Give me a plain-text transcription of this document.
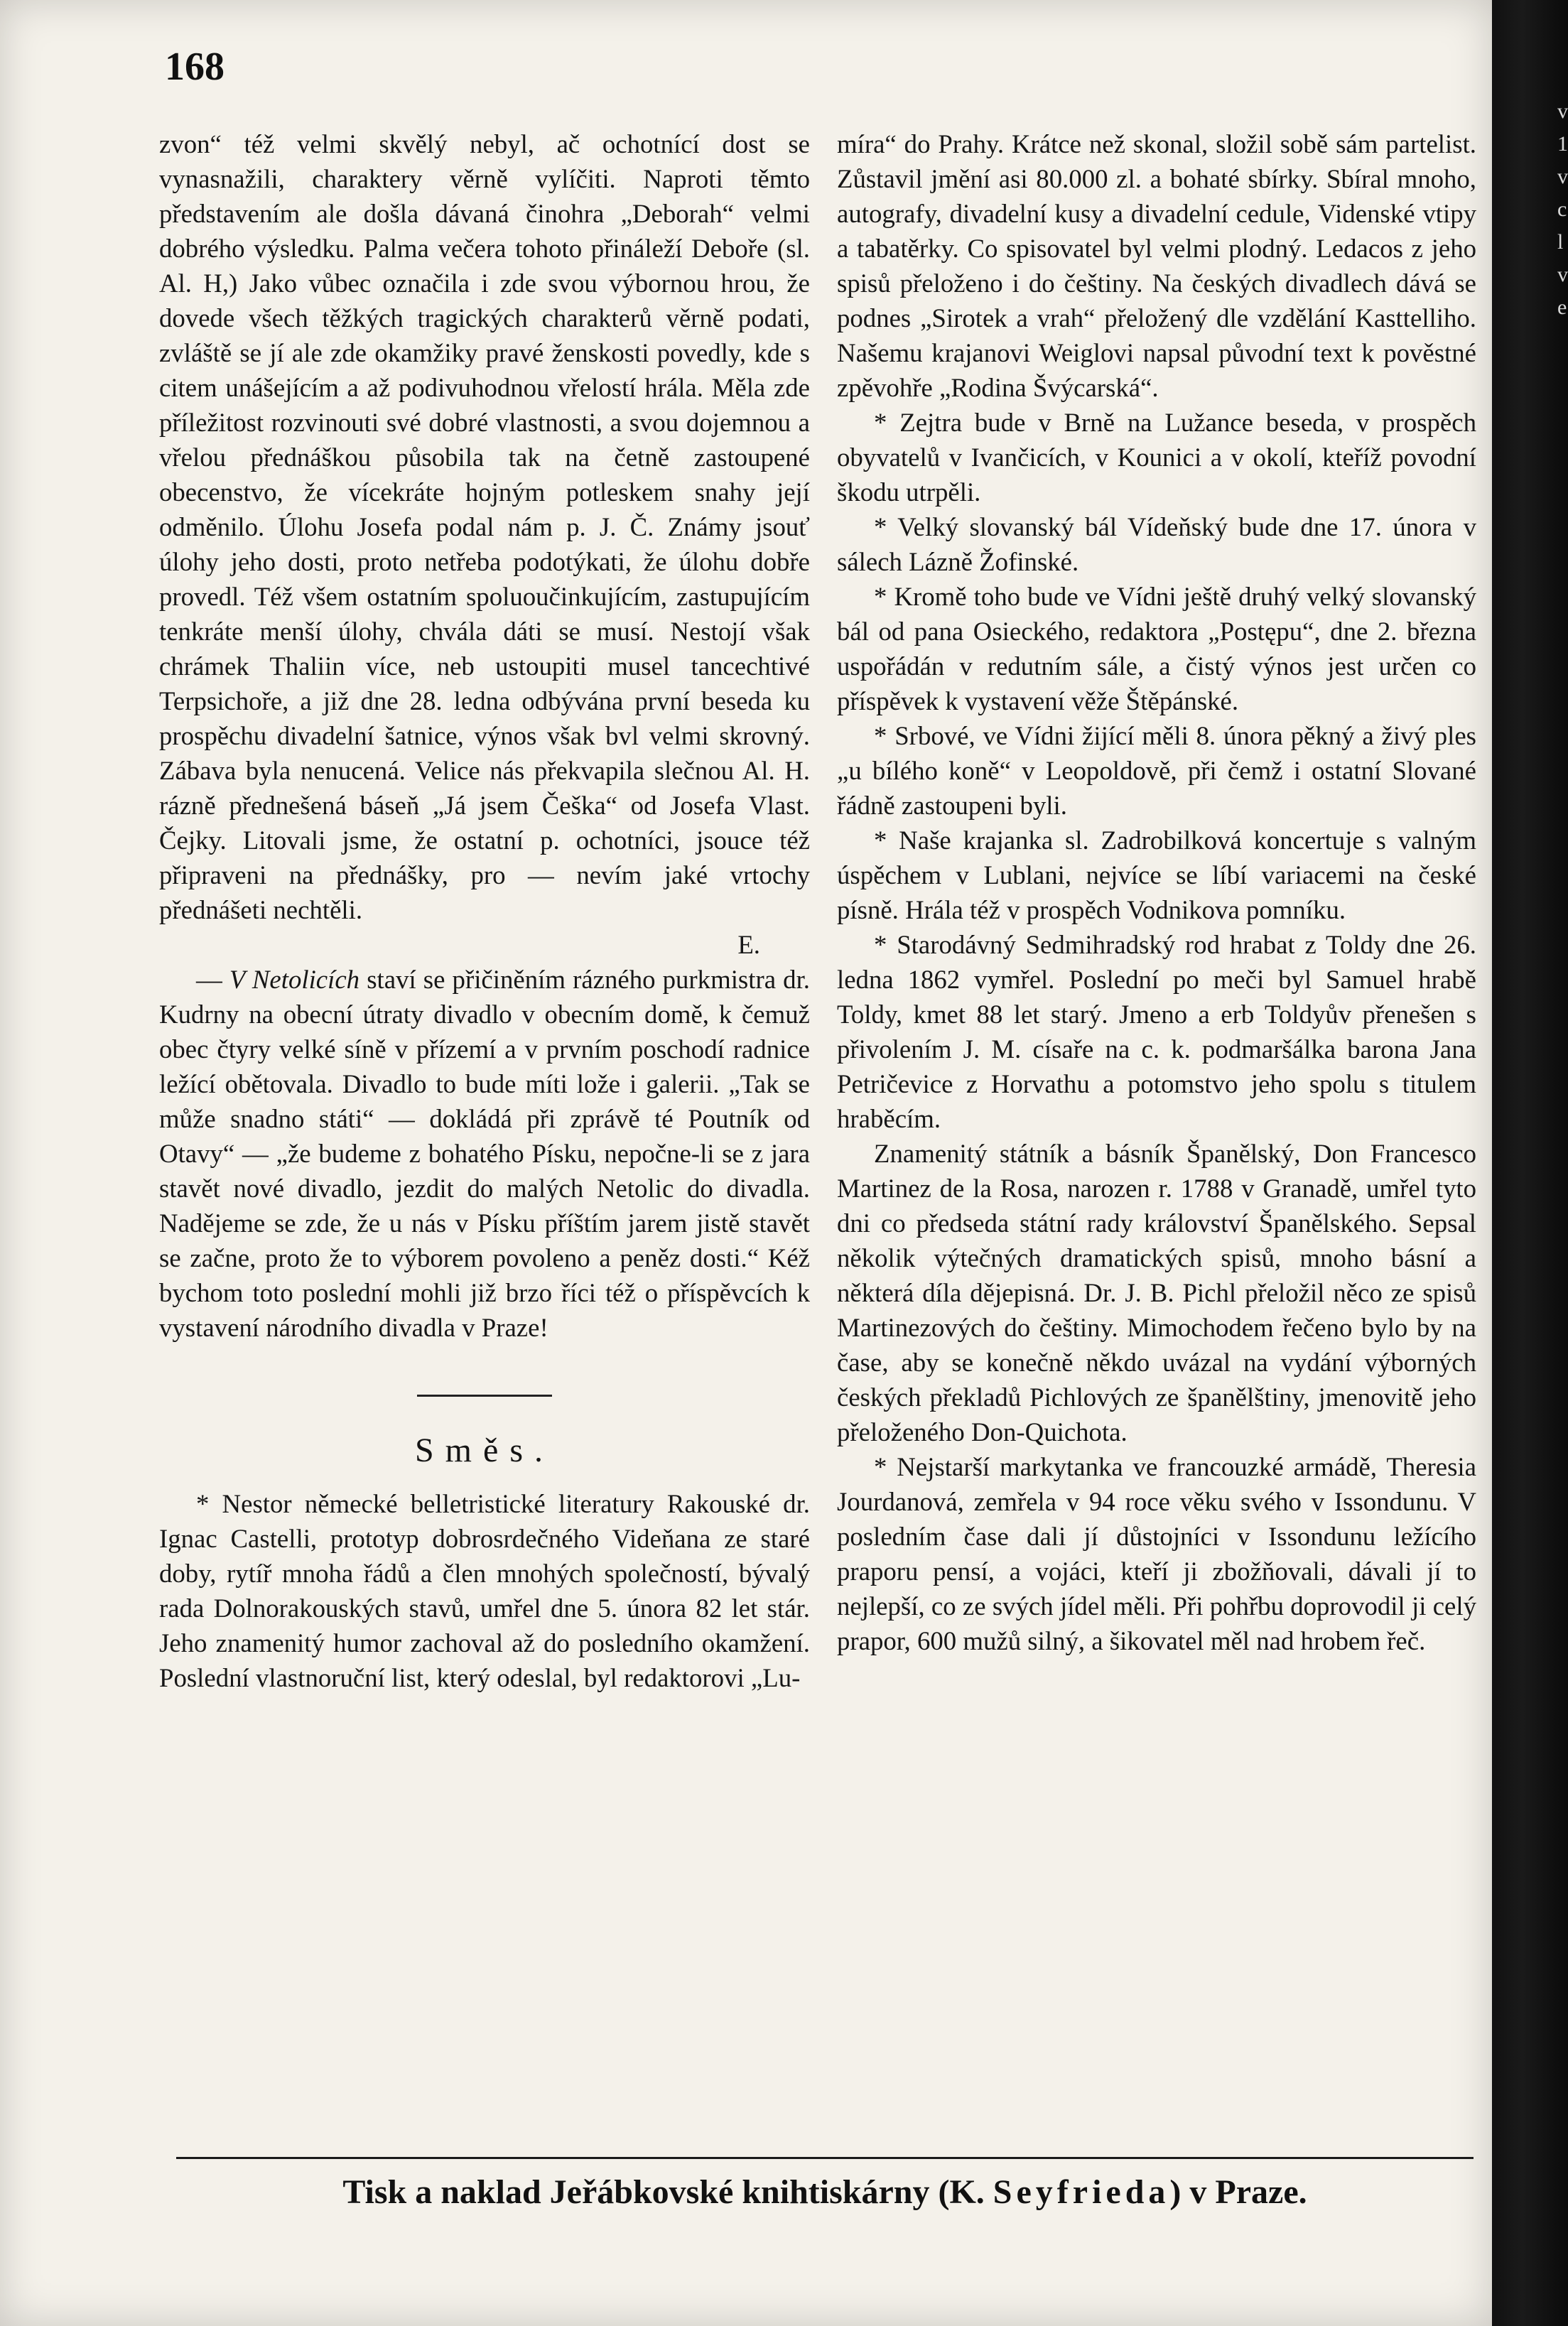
168

zvon“ též velmi skvělý nebyl, ač ochotnící dost se vynasnažili, charaktery věrně vylíčiti. Naproti těmto představením ale došla dávaná činohra „Deborah“ velmi dobrého výsledku. Palma večera tohoto přináleží Deboře (sl. Al. H,) Jako vůbec označila i zde svou výbornou hrou, že dovede všech těžkých tragických charakterů věrně podati, zvláště se jí ale zde okamžiky pravé ženskosti povedly, kde s citem unášejícím a až podivuhodnou vřelostí hrála. Měla zde příležitost rozvinouti své dobré vlastnosti, a svou dojemnou a vřelou přednáškou působila tak na četně zastoupené obecenstvo, že vícekráte hojným potleskem snahy její odměnilo. Úlohu Josefa podal nám p. J. Č. Známy jsouť úlohy jeho dosti, proto netřeba podotýkati, že úlohu dobře provedl. Též všem ostatním spoluoučinkujícím, zastupujícím tenkráte menší úlohy, chvála dáti se musí. Nestojí však chrámek Thaliin více, neb ustoupiti musel tancechtivé Terpsichoře, a již dne 28. ledna odbývána první beseda ku prospěchu divadelní šatnice, výnos však bvl velmi skrovný. Zábava byla nenucená. Velice nás překvapila slečnou Al. H. rázně přednešená báseň „Já jsem Češka“ od Josefa Vlast. Čejky. Litovali jsme, že ostatní p. ochotníci, jsouce též připraveni na přednášky, pro — nevím jaké vrtochy přednášeti nechtěli.

E.

— V Netolicích staví se přičiněním rázného purkmistra dr. Kudrny na obecní útraty divadlo v obecním domě, k čemuž obec čtyry velké síně v přízemí a v prvním poschodí radnice ležící obětovala. Divadlo to bude míti lože i galerii. „Tak se může snadno státi“ — dokládá při zprávě té Poutník od Otavy“ — „že budeme z bohatého Písku, nepočne-li se z jara stavět nové divadlo, jezdit do malých Netolic do divadla. Nadějeme se zde, že u nás v Písku příštím jarem jistě stavět se začne, proto že to výborem povoleno a peněz dosti.“ Kéž bychom toto poslední mohli již brzo říci též o příspěvcích k vystavení národního divadla v Praze!

Směs.

* Nestor německé belletristické literatury Rakouské dr. Ignac Castelli, prototyp dobrosrdečného Videňana ze staré doby, rytíř mnoha řádů a člen mnohých společností, bývalý rada Dolnorakouských stavů, umřel dne 5. února 82 let stár. Jeho znamenitý humor zachoval až do posledního okamžení. Poslední vlastnoruční list, který odeslal, byl redaktorovi „Lu-

míra“ do Prahy. Krátce než skonal, složil sobě sám partelist. Zůstavil jmění asi 80.000 zl. a bohaté sbírky. Sbíral mnoho, autografy, divadelní kusy a divadelní cedule, Videnské vtipy a tabatěrky. Co spisovatel byl velmi plodný. Ledacos z jeho spisů přeloženo i do češtiny. Na českých divadlech dává se podnes „Sirotek a vrah“ přeložený dle vzdělání Kasttelliho. Našemu krajanovi Weiglovi napsal původní text k pověstné zpěvohře „Rodina Švýcarská“.

* Zejtra bude v Brně na Lužance beseda, v prospěch obyvatelů v Ivančicích, v Kounici a v okolí, kteříž povodní škodu utrpěli.

* Velký slovanský bál Vídeňský bude dne 17. února v sálech Lázně Žofinské.

* Kromě toho bude ve Vídni ještě druhý velký slovanský bál od pana Osieckého, redaktora „Postępu“, dne 2. března uspořádán v redutním sále, a čistý výnos jest určen co příspěvek k vystavení věže Štěpánské.

* Srbové, ve Vídni žijící měli 8. února pěkný a živý ples „u bílého koně“ v Leopoldově, při čemž i ostatní Slované řádně zastoupeni byli.

* Naše krajanka sl. Zadrobilková koncertuje s valným úspěchem v Lublani, nejvíce se líbí variacemi na české písně. Hrála též v prospěch Vodnikova pomníku.

* Starodávný Sedmihradský rod hrabat z Toldy dne 26. ledna 1862 vymřel. Poslední po meči byl Samuel hrabě Toldy, kmet 88 let starý. Jmeno a erb Toldyův přenešen s přivolením J. M. císaře na c. k. podmaršálka barona Jana Petričevice z Horvathu a potomstvo jeho spolu s titulem hraběcím.

Znamenitý státník a básník Španělský, Don Francesco Martinez de la Rosa, narozen r. 1788 v Granadě, umřel tyto dni co předseda státní rady království Španělského. Sepsal několik výtečných dramatických spisů, mnoho básní a některá díla dějepisná. Dr. J. B. Pichl přeložil něco ze spisů Martinezových do češtiny. Mimochodem řečeno bylo by na čase, aby se konečně někdo uvázal na vydání výborných českých překladů Pichlových ze španělštiny, jmenovitě jeho přeloženého Don-Quichota.

* Nejstarší markytanka ve francouzké armádě, Theresia Jourdanová, zemřela v 94 roce věku svého v Issondunu. V posledním čase dali jí důstojníci v Issondunu ležícího praporu pensí, a vojáci, kteří ji zbožňovali, dávali jí to nejlepší, co ze svých jídel měli. Při pohřbu doprovodil ji celý prapor, 600 mužů silný, a šikovatel měl nad hrobem řeč.

Tisk a naklad Jeřábkovské knihtiskárny (K. Seyfrieda) v Praze.
v
1
v
c
l
v
e
